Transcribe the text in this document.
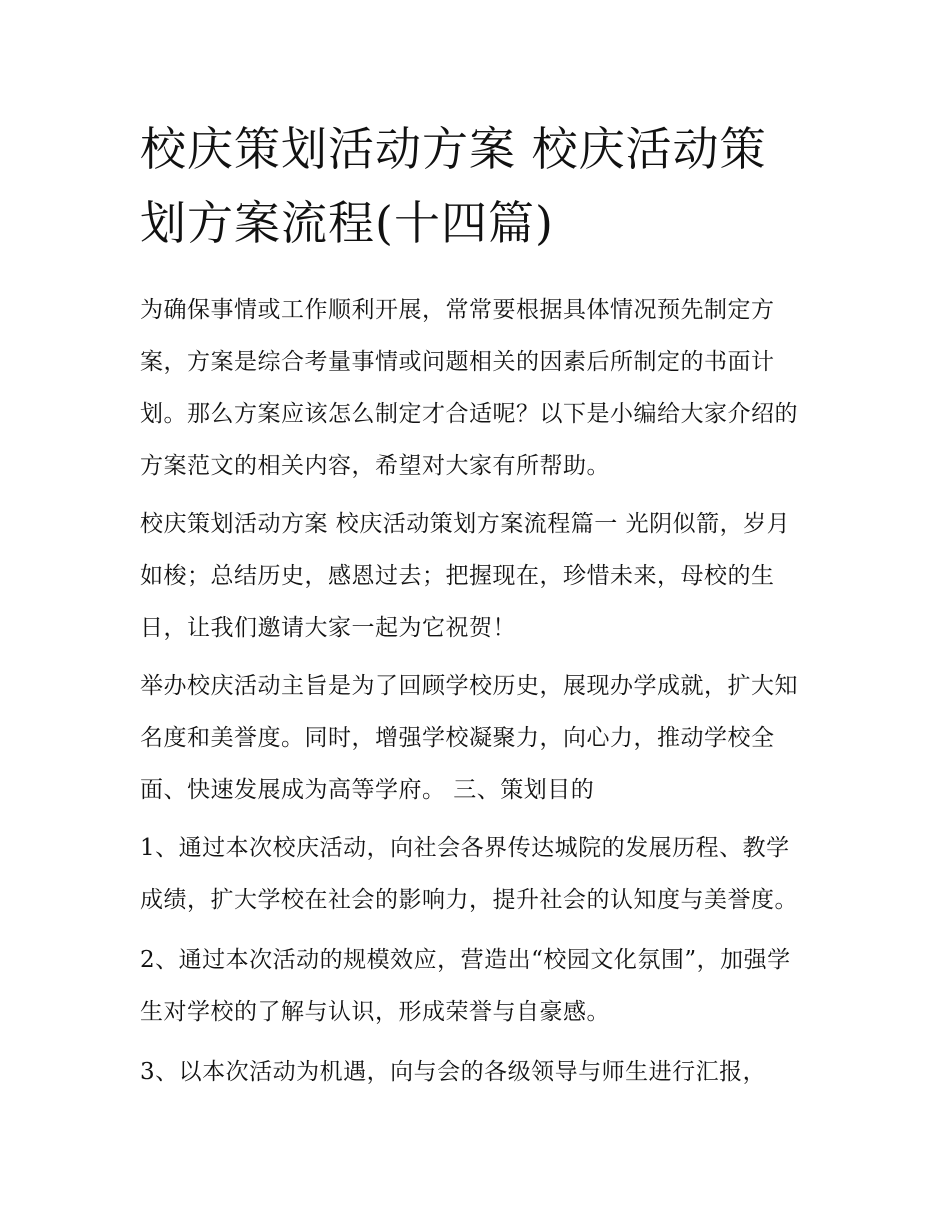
校庆策划活动方案 校庆活动策划方案流程(十四篇)

为确保事情或工作顺利开展，常常要根据具体情况预先制定方案，方案是综合考量事情或问题相关的因素后所制定的书面计划。那么方案应该怎么制定才合适呢？以下是小编给大家介绍的方案范文的相关内容，希望对大家有所帮助。

校庆策划活动方案 校庆活动策划方案流程篇一 光阴似箭，岁月如梭；总结历史，感恩过去；把握现在，珍惜未来，母校的生日，让我们邀请大家一起为它祝贺！

举办校庆活动主旨是为了回顾学校历史，展现办学成就，扩大知名度和美誉度。同时，增强学校凝聚力，向心力，推动学校全面、快速发展成为高等学府。 三、策划目的

1、通过本次校庆活动，向社会各界传达城院的发展历程、教学成绩，扩大学校在社会的影响力，提升社会的认知度与美誉度。

2、通过本次活动的规模效应，营造出“校园文化氛围”，加强学生对学校的了解与认识，形成荣誉与自豪感。

3、以本次活动为机遇，向与会的各级领导与师生进行汇报，
